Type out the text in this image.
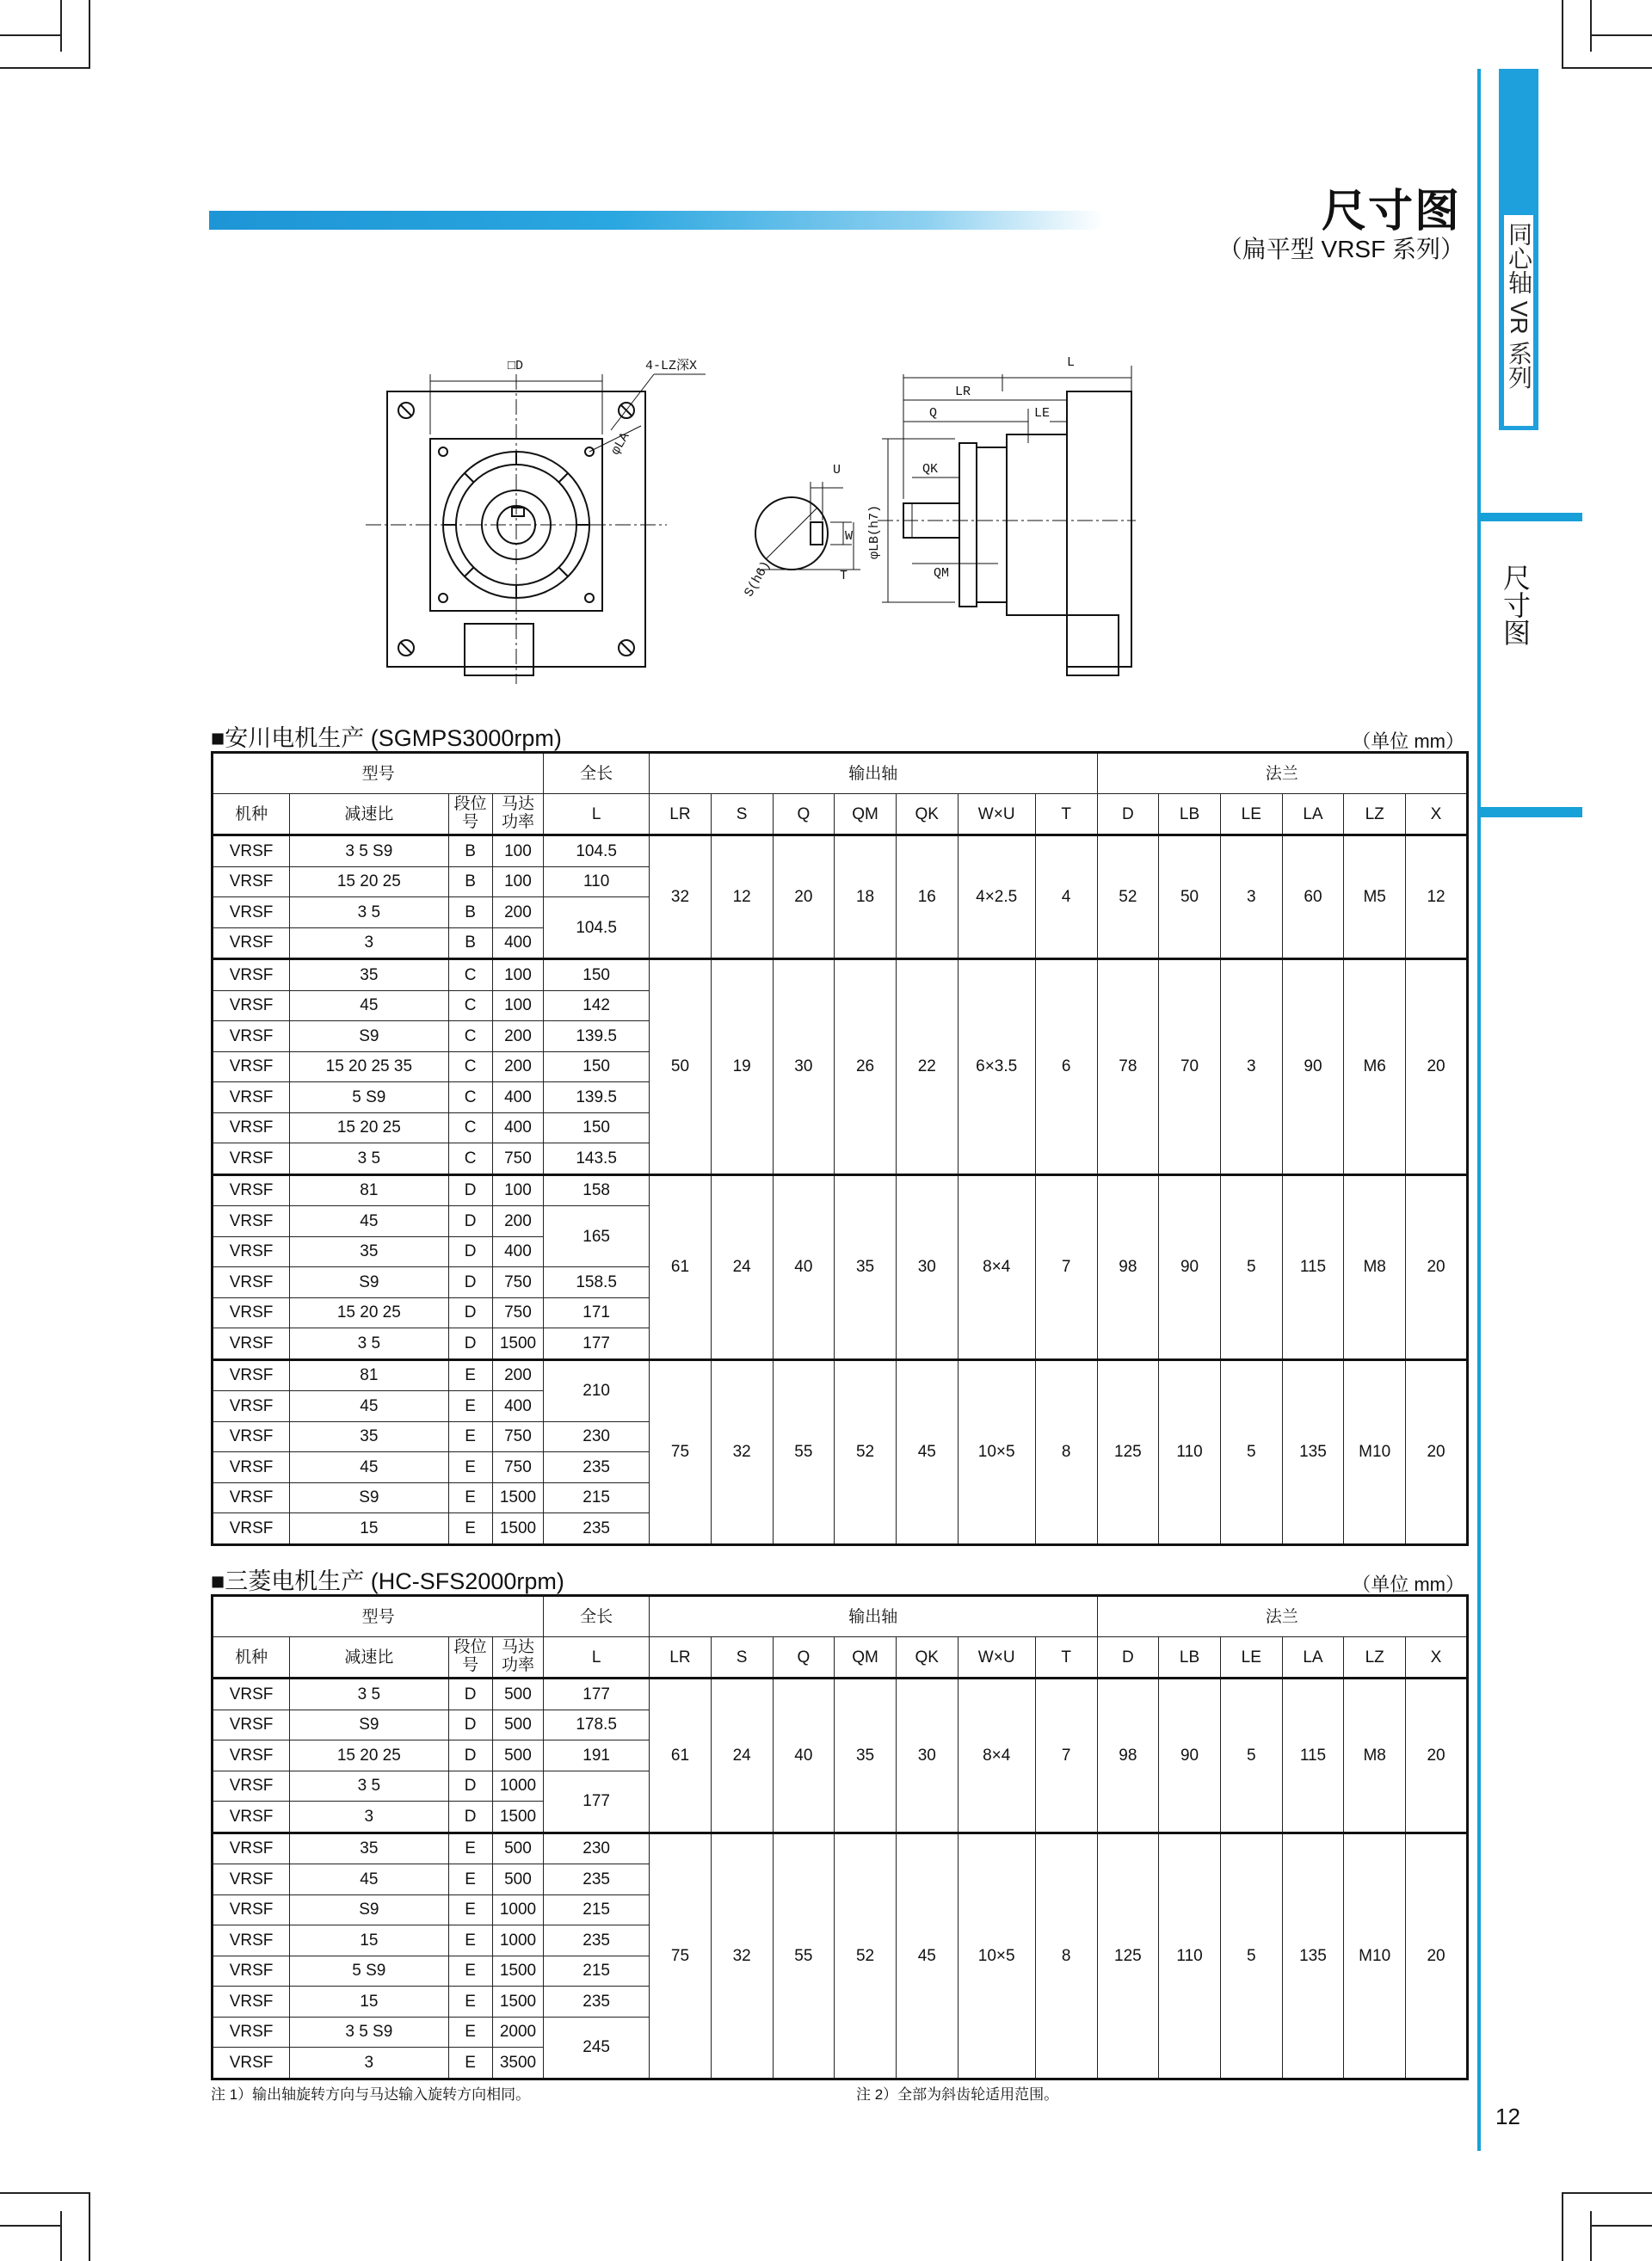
尺寸图
（扁平型 VRSF 系列） 同心轴 VR 系列
尺寸图
12
□D	4-LZ深X
φLA
U
W
T
S(h6)
L
LR
Q	LE
QK
QM
φLB(h7)
■安川电机生产 (SGMPS3000rpm)	（单位 mm）
型号				全长	输出轴							法兰					
机种	减速比	段位
号	马达
功率	L	LR	S	Q	QM	QK	W×U	T	D	LB	LE	LA	LZ	X
VRSF	3 5 S9	B	100	104.5	32	12	20	18	16	4×2.5	4	52	50	3	60	M5	12
VRSF	15 20 25	B	100	110													
VRSF	3 5	B	200	104.5													
VRSF	3	B	400														
VRSF	35	C	100	150	50	19	30	26	22	6×3.5	6	78	70	3	90	M6	20
VRSF	45	C	100	142													
VRSF	S9	C	200	139.5													
VRSF	15 20 25 35	C	200	150													
VRSF	5 S9	C	400	139.5													
VRSF	15 20 25	C	400	150													
VRSF	3 5	C	750	143.5													
VRSF	81	D	100	158	61	24	40	35	30	8×4	7	98	90	5	115	M8	20
VRSF	45	D	200	165													
VRSF	35	D	400														
VRSF	S9	D	750	158.5													
VRSF	15 20 25	D	750	171													
VRSF	3 5	D	1500	177													
VRSF	81	E	200	210	75	32	55	52	45	10×5	8	125	110	5	135	M10	20
VRSF	45	E	400														
VRSF	35	E	750	230													
VRSF	45	E	750	235													
VRSF	S9	E	1500	215													
VRSF	15	E	1500	235													
■三菱电机生产 (HC-SFS2000rpm)	（单位 mm）
型号				全长	输出轴							法兰					
机种	减速比	段位
号	马达
功率	L	LR	S	Q	QM	QK	W×U	T	D	LB	LE	LA	LZ	X
VRSF	3 5	D	500	177	61	24	40	35	30	8×4	7	98	90	5	115	M8	20
VRSF	S9	D	500	178.5													
VRSF	15 20 25	D	500	191													
VRSF	3 5	D	1000	177													
VRSF	3	D	1500														
VRSF	35	E	500	230	75	32	55	52	45	10×5	8	125	110	5	135	M10	20
VRSF	45	E	500	235													
VRSF	S9	E	1000	215													
VRSF	15	E	1000	235													
VRSF	5 S9	E	1500	215													
VRSF	15	E	1500	235													
VRSF	3 5 S9	E	2000	245													
VRSF	3	E	3500														
注 1）输出轴旋转方向与马达输入旋转方向相同。	注 2）全部为斜齿轮适用范围。
